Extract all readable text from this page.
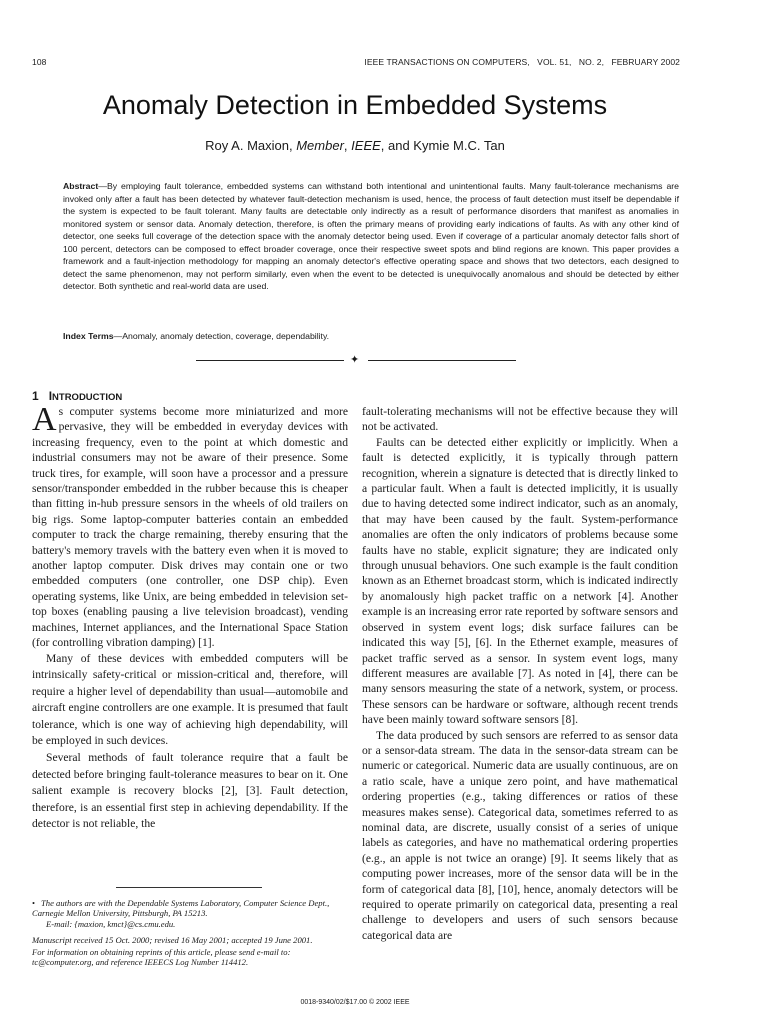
108	IEEE TRANSACTIONS ON COMPUTERS,   VOL. 51,   NO. 2,   FEBRUARY 2002
Anomaly Detection in Embedded Systems
Roy A. Maxion, Member, IEEE, and Kymie M.C. Tan
Abstract—By employing fault tolerance, embedded systems can withstand both intentional and unintentional faults. Many fault-tolerance mechanisms are invoked only after a fault has been detected by whatever fault-detection mechanism is used, hence, the process of fault detection must itself be dependable if the system is expected to be fault tolerant. Many faults are detectable only indirectly as a result of performance disorders that manifest as anomalies in monitored system or sensor data. Anomaly detection, therefore, is often the primary means of providing early indications of faults. As with any other kind of detector, one seeks full coverage of the detection space with the anomaly detector being used. Even if coverage of a particular anomaly detector falls short of 100 percent, detectors can be composed to effect broader coverage, once their respective sweet spots and blind regions are known. This paper provides a framework and a fault-injection methodology for mapping an anomaly detector's effective operating space and shows that two detectors, each designed to detect the same phenomenon, may not perform similarly, even when the event to be detected is unequivocally anomalous and should be detected by either detector. Both synthetic and real-world data are used.
Index Terms—Anomaly, anomaly detection, coverage, dependability.
✦
1 INTRODUCTION

As computer systems become more miniaturized and more pervasive, they will be embedded in everyday devices with increasing frequency, even to the point at which domestic and industrial consumers may not be aware of their presence. Some truck tires, for example, will soon have a processor and a pressure sensor/transponder embedded in the rubber because this is cheaper than fitting in-hub pressure sensors in the wheels of old trailers on big rigs. Some laptop-computer batteries contain an embedded computer to track the charge remaining, thereby ensuring that the battery's memory travels with the battery even when it is moved to another laptop computer. Disk drives may contain one or two embedded computers (one controller, one DSP chip). Even operating systems, like Unix, are being embedded in television set-top boxes (enabling pausing a live television broadcast), vending machines, Internet appliances, and the International Space Station (for controlling vibration damping) [1].

Many of these devices with embedded computers will be intrinsically safety-critical or mission-critical and, therefore, will require a higher level of dependability than usual—automobile and aircraft engine controllers are one example. It is presumed that fault tolerance, which is one way of achieving high dependability, will be employed in such devices.

Several methods of fault tolerance require that a fault be detected before bringing fault-tolerance measures to bear on it. One salient example is recovery blocks [2], [3]. Fault detection, therefore, is an essential first step in achieving dependability. If the detector is not reliable, the

fault-tolerating mechanisms will not be effective because they will not be activated.

Faults can be detected either explicitly or implicitly. When a fault is detected explicitly, it is typically through pattern recognition, wherein a signature is detected that is directly linked to a particular fault. When a fault is detected implicitly, it is usually due to having detected some indirect indicator, such as an anomaly, that may have been caused by the fault. System-performance anomalies are often the only indicators of problems because some faults have no stable, explicit signature; they are indicated only through unusual behaviors. One such example is the fault condition known as an Ethernet broadcast storm, which is indicated indirectly by anomalously high packet traffic on a network [4]. Another example is an increasing error rate reported by software sensors and observed in system event logs; disk surface failures can be indicated this way [5], [6]. In the Ethernet example, measures of packet traffic served as a sensor. In system event logs, many different measures are available [7]. As noted in [4], there can be many sensors measuring the state of a network, system, or process. These sensors can be hardware or software, although recent trends have been mainly toward software sensors [8].

The data produced by such sensors are referred to as sensor data or a sensor-data stream. The data in the sensor-data stream can be numeric or categorical. Numeric data are usually continuous, are on a ratio scale, have a unique zero point, and have mathematical ordering properties (e.g., taking differences or ratios of these measures makes sense). Categorical data, sometimes referred to as nominal data, are discrete, usually consist of a series of unique labels as categories, and have no mathematical ordering properties (e.g., an apple is not twice an orange) [9]. It seems likely that as computing power increases, more of the sensor data will be in the form of categorical data [8], [10], hence, anomaly detectors will be required to operate primarily on categorical data, presenting a real challenge to developers and users of such sensors because categorical data are

• The authors are with the Dependable Systems Laboratory, Computer Science Dept., Carnegie Mellon University, Pittsburgh, PA 15213.
E-mail: {maxion, kmct}@cs.cmu.edu.
Manuscript received 15 Oct. 2000; revised 16 May 2001; accepted 19 June 2001.
For information on obtaining reprints of this article, please send e-mail to: tc@computer.org, and reference IEEECS Log Number 114412.
0018-9340/02/$17.00 © 2002 IEEE
